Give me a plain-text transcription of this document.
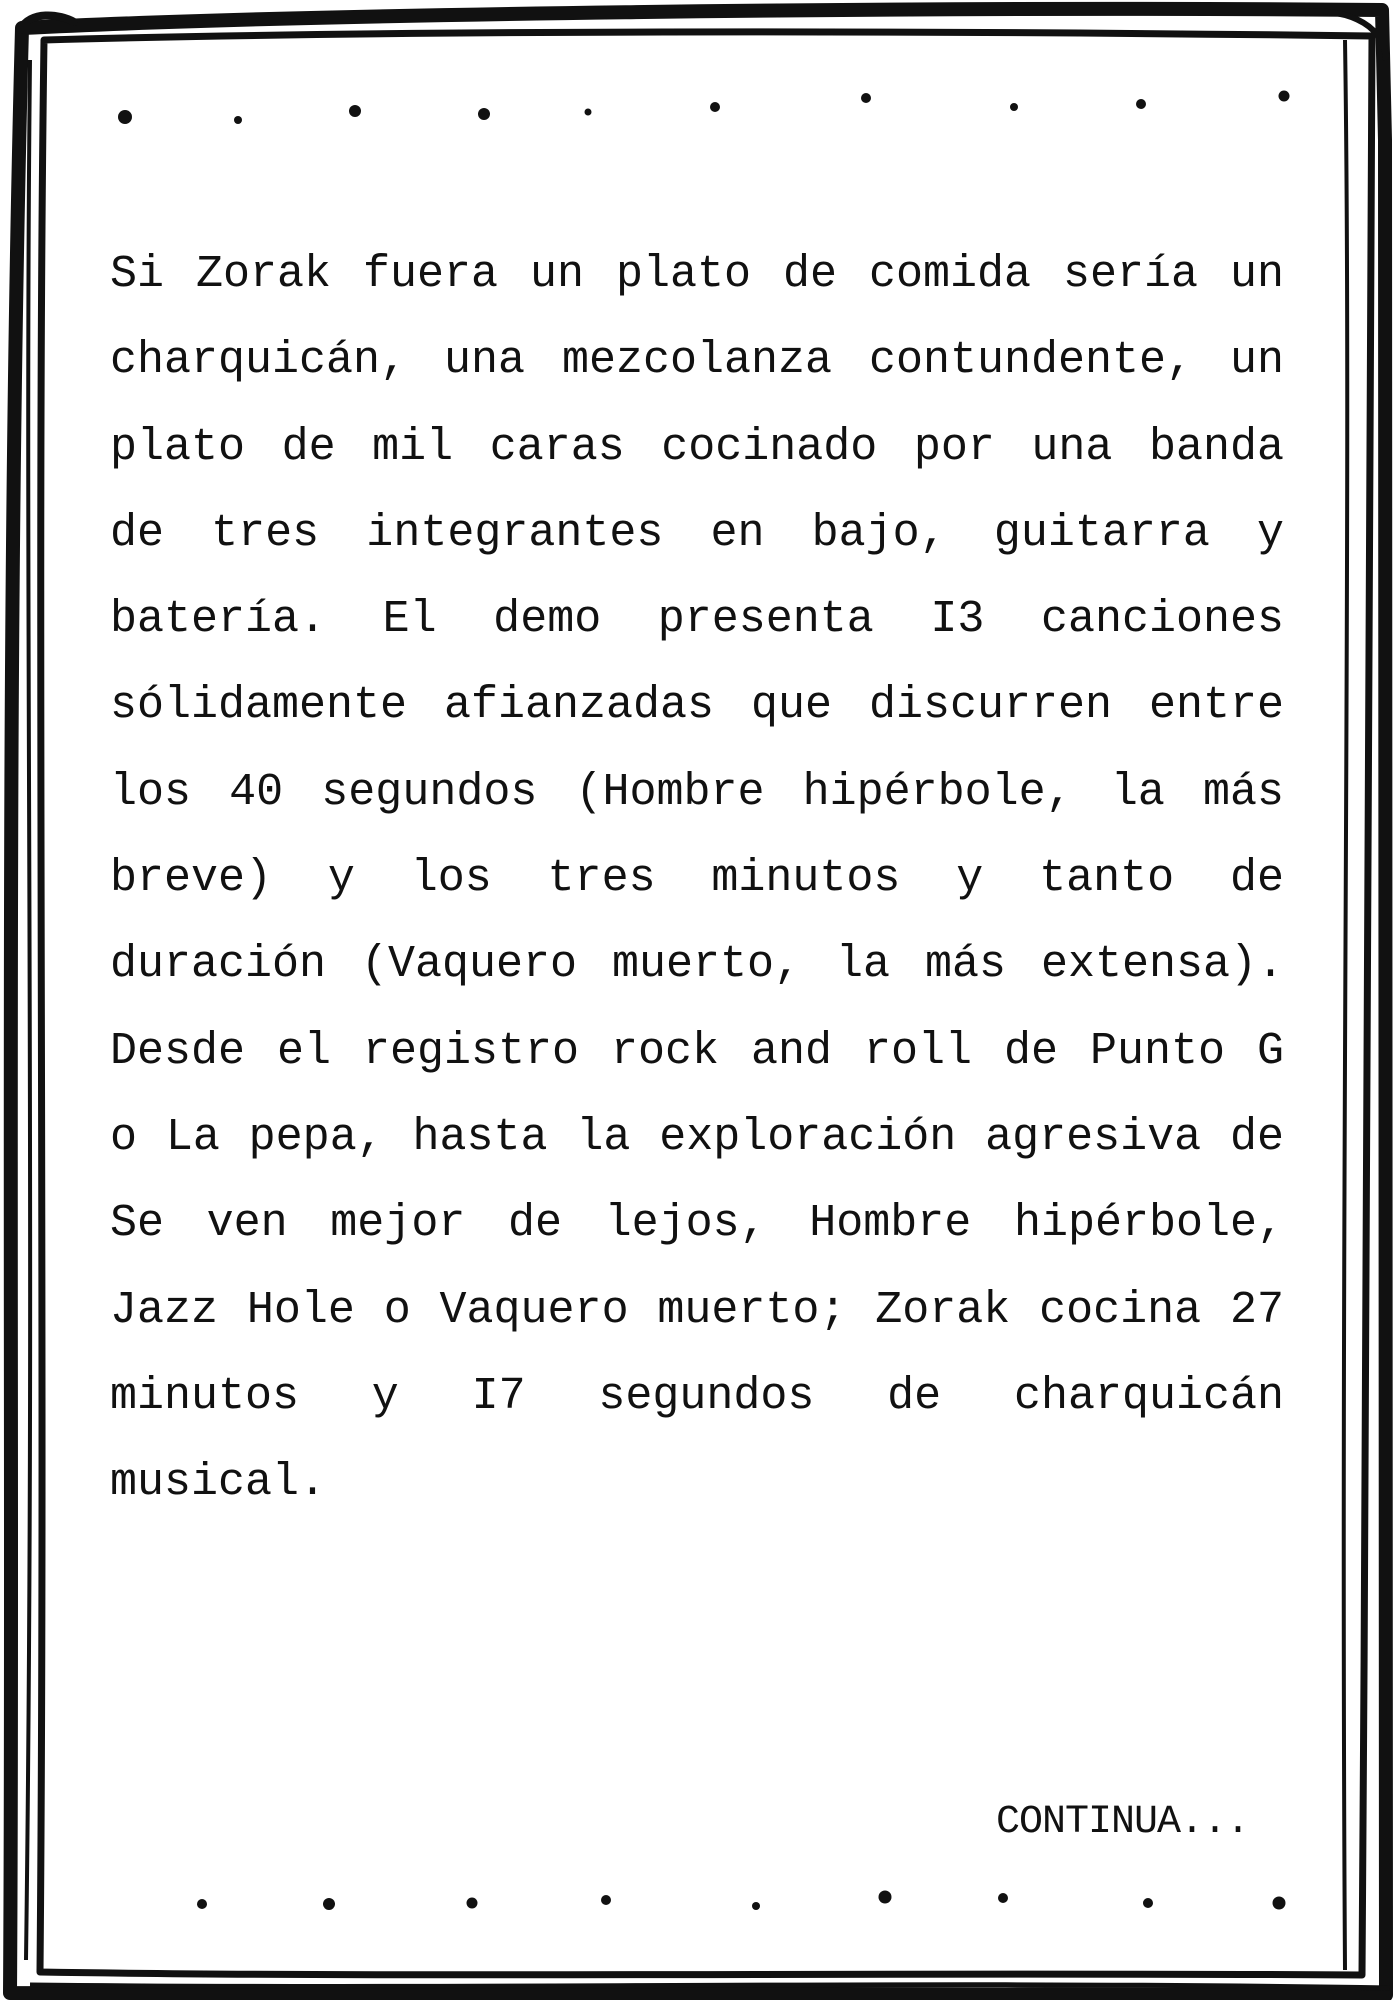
Si Zorak fuera un plato de comida sería un charquicán, una mezcolanza contundente, un plato de mil caras cocinado por una banda de tres integrantes en bajo, guitarra y batería. El demo presenta I3 canciones sólidamente afianzadas que discurren entre los 40 segundos (Hombre hipérbole, la más breve) y los tres minutos y tanto de duración (Vaquero muerto, la más extensa). Desde el registro rock and roll de Punto G o La pepa, hasta la exploración agresiva de Se ven mejor de lejos, Hombre hipérbole, Jazz Hole o Vaquero muerto; Zorak cocina 27 minutos y I7 segundos de charquicán musical.

CONTINUA...
